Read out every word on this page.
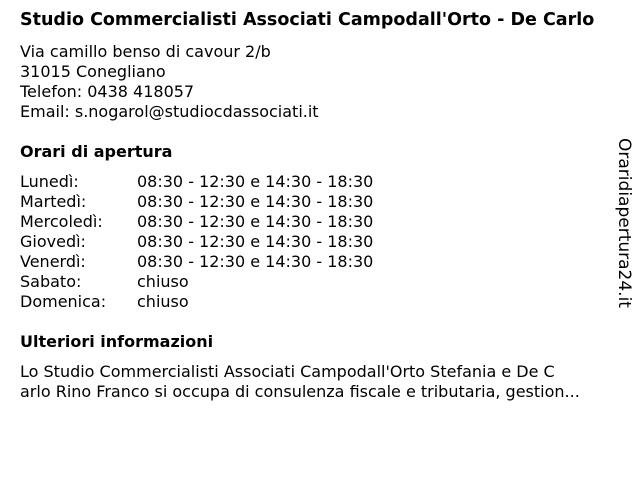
Studio Commercialisti Associati Campodall'Orto - De Carlo
Via camillo benso di cavour 2/b
31015 Conegliano
Telefon: 0438 418057
Email: s.nogarol@studiocdassociati.it
Orari di apertura
Lunedì:	08:30 - 12:30 e 14:30 - 18:30
Martedì:	08:30 - 12:30 e 14:30 - 18:30
Mercoledì:	08:30 - 12:30 e 14:30 - 18:30
Giovedì:	08:30 - 12:30 e 14:30 - 18:30
Venerdì:	08:30 - 12:30 e 14:30 - 18:30
Sabato:	chiuso
Domenica:	chiuso
Ulteriori informazioni
Lo Studio Commercialisti Associati Campodall'Orto Stefania e De C
arlo Rino Franco si occupa di consulenza fiscale e tributaria, gestion...
Oraridiapertura24.it
